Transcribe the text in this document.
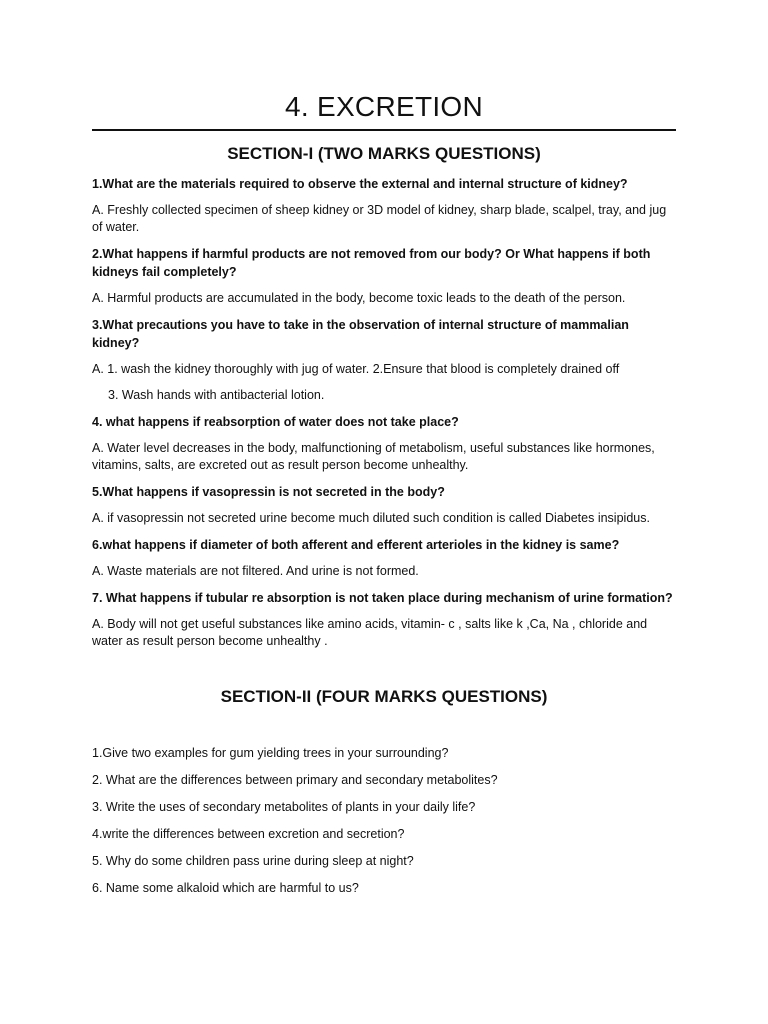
4. EXCRETION
SECTION-I (TWO MARKS QUESTIONS)

1.What are the materials required to observe the external and internal structure of kidney?

A. Freshly collected specimen of sheep kidney or 3D model of kidney, sharp blade, scalpel, tray, and jug of water.

2.What happens if harmful products are not removed from our body? Or What happens if both kidneys fail completely?

A. Harmful products are accumulated in the body, become toxic leads to the death of the person.

3.What precautions you have to take in the observation of internal structure of mammalian kidney?

A. 1. wash the kidney thoroughly with jug of water. 2.Ensure that blood is completely drained off

3. Wash hands with antibacterial lotion.

4. what happens if reabsorption of water does not take place?

A. Water level decreases in the body, malfunctioning of metabolism, useful substances like hormones, vitamins, salts, are excreted out as result person become unhealthy.

5.What happens if vasopressin is not secreted in the body?

A. if vasopressin not secreted urine become much diluted such condition is called Diabetes insipidus.

6.what happens if diameter of both afferent and efferent arterioles in the kidney is same?

A. Waste materials are not filtered. And urine is not formed.

7. What happens if tubular re absorption is not taken place during mechanism of urine formation?

A. Body will not get useful substances like amino acids, vitamin- c , salts like k ,Ca, Na , chloride and water as result person become unhealthy .

SECTION-II (FOUR MARKS QUESTIONS)

1.Give two examples for gum yielding trees in your surrounding?

2. What are the differences between primary and secondary metabolites?

3. Write the uses of secondary metabolites of plants in your daily life?

4.write the differences between excretion and secretion?

5. Why do some children pass urine during sleep at night?

6. Name some alkaloid which are harmful to us?
